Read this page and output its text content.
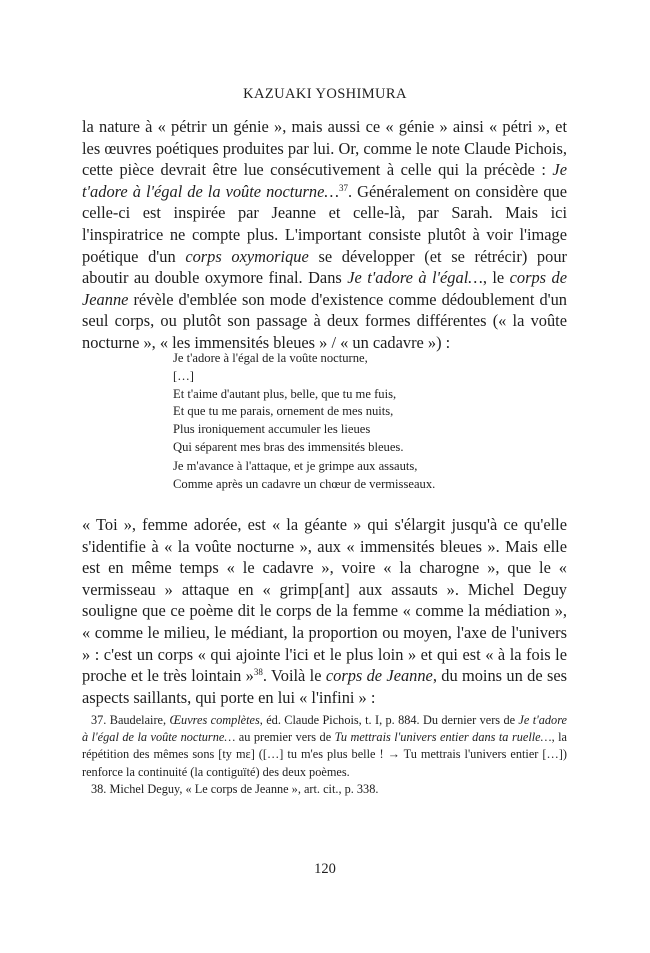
KAZUAKI YOSHIMURA

la nature à « pétrir un génie », mais aussi ce « génie » ainsi « pétri », et les œuvres poétiques produites par lui. Or, comme le note Claude Pichois, cette pièce devrait être lue consécutivement à celle qui la précède : Je t'adore à l'égal de la voûte nocturne…$^{37}$. Généralement on considère que celle-ci est inspirée par Jeanne et celle-là, par Sarah. Mais ici l'inspiratrice ne compte plus. L'important consiste plutôt à voir l'image poétique d'un corps oxymorique se développer (et se rétrécir) pour aboutir au double oxymore final. Dans Je t'adore à l'égal…, le corps de Jeanne révèle d'emblée son mode d'existence comme dédoublement d'un seul corps, ou plutôt son passage à deux formes différentes (« la voûte nocturne », « les immensités bleues » / « un cadavre ») :

Je t'adore à l'égal de la voûte nocturne,
[…]
Et t'aime d'autant plus, belle, que tu me fuis,
Et que tu me parais, ornement de mes nuits,
Plus ironiquement accumuler les lieues
Qui séparent mes bras des immensités bleues.
Je m'avance à l'attaque, et je grimpe aux assauts,
Comme après un cadavre un chœur de vermisseaux.

« Toi », femme adorée, est « la géante » qui s'élargit jusqu'à ce qu'elle s'identifie à « la voûte nocturne », aux « immensités bleues ». Mais elle est en même temps « le cadavre », voire « la charogne », que le « vermisseau » attaque en « grimp[ant] aux assauts ». Michel Deguy souligne que ce poème dit le corps de la femme « comme la médiation », « comme le milieu, le médiant, la proportion ou moyen, l'axe de l'univers » : c'est un corps « qui ajointe l'ici et le plus loin » et qui est « à la fois le proche et le très lointain »$^{38}$. Voilà le corps de Jeanne, du moins un de ses aspects saillants, qui porte en lui « l'infini » :

37. Baudelaire, Œuvres complètes, éd. Claude Pichois, t. I, p. 884. Du dernier vers de Je t'adore à l'égal de la voûte nocturne… au premier vers de Tu mettrais l'univers entier dans ta ruelle…, la répétition des mêmes sons [ty mɛ] ([…] tu m'es plus belle ! → Tu mettrais l'univers entier […]) renforce la continuité (la contiguïté) des deux poèmes.

38. Michel Deguy, « Le corps de Jeanne », art. cit., p. 338.

120
